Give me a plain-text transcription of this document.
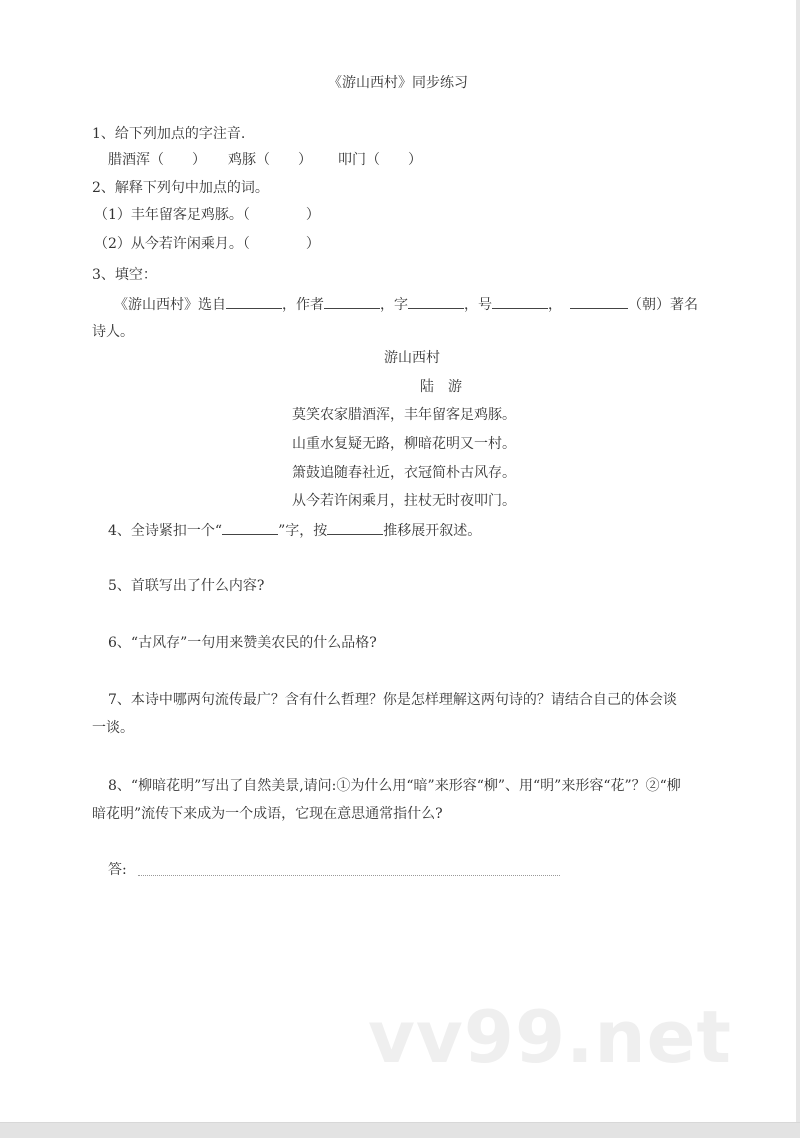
《游山西村》同步练习
1、给下列加点的字注音.
腊酒浑（　　） 鸡豚（　　） 叩门（　　）
2、解释下列句中加点的词。
（1）丰年留客足鸡豚。（　　　　）
（2）从今若许闲乘月。（　　　　）
3、填空：
《游山西村》选自	，作者	，字	，号	，	（朝）著名
诗人。
游山西村
陆　游
莫笑农家腊酒浑，丰年留客足鸡豚。
山重水复疑无路，柳暗花明又一村。
箫鼓追随春社近，衣冠简朴古风存。
从今若许闲乘月，拄杖无时夜叩门。
4、全诗紧扣一个“	”字，按	推移展开叙述。
5、首联写出了什么内容?
6、“古风存”一句用来赞美农民的什么品格?
7、本诗中哪两句流传最广？含有什么哲理？你是怎样理解这两句诗的？请结合自己的体会谈
一谈。
8、“柳暗花明”写出了自然美景,请问:①为什么用“暗”来形容“柳”、用“明”来形容“花”？②“柳
暗花明”流传下来成为一个成语，它现在意思通常指什么?
答:
vv99.net
